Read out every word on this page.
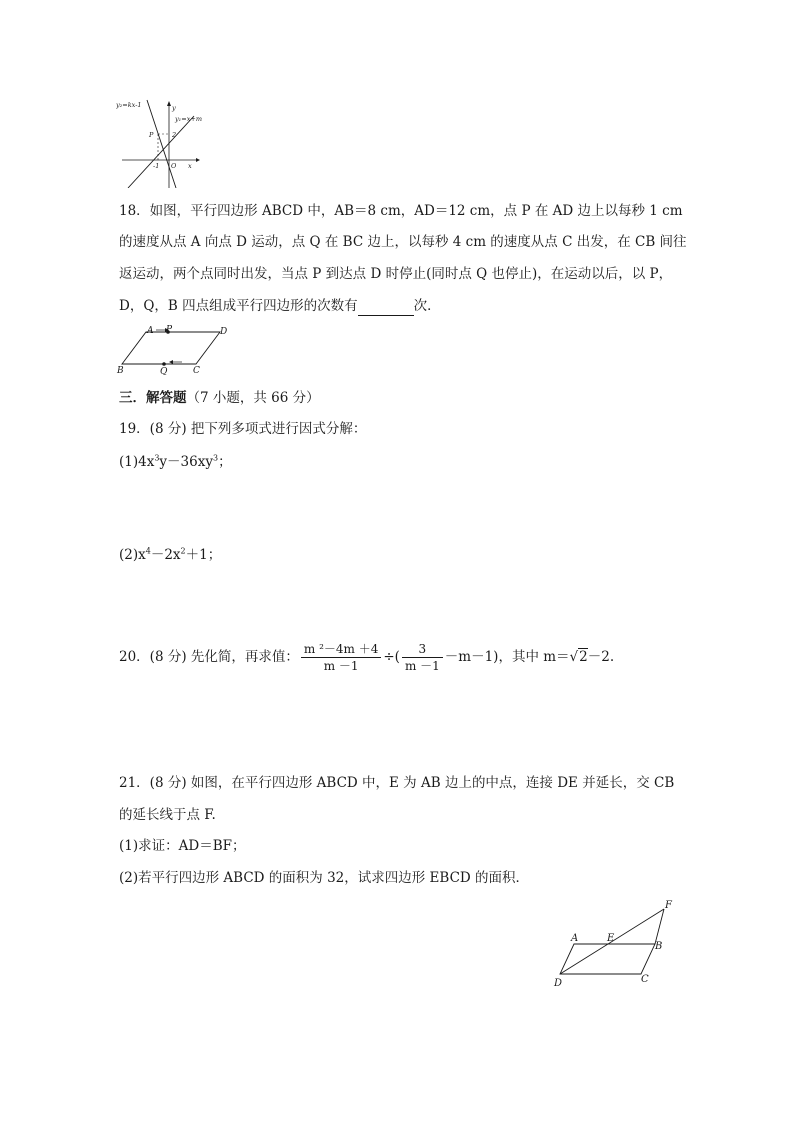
y₂=kx-1
y₁=x+m
y
x
P	2
-1 O
18．如图，平行四边形 ABCD 中，AB＝8 cm，AD＝12 cm，点 P 在 AD 边上以每秒 1 cm
的速度从点 A 向点 D 运动，点 Q 在 BC 边上，以每秒 4 cm 的速度从点 C 出发，在 CB 间往
返运动，两个点同时出发，当点 P 到达点 D 时停止(同时点 Q 也停止)，在运动以后，以 P，
D，Q，B 四点组成平行四边形的次数有	次．
A P	D
B	Q	C
三．解答题（7 小题，共 66 分）
19．(8 分) 把下列多项式进行因式分解：
$(1)4x^3y-36xy^3$；
$(2)x^4-2x^2+1$；
20．(8 分) 先化简，再求值： $\frac{\text{m ²－4m ＋4}}{m -1}$ ÷( $\frac{3}{m -1} -m-1$)，其中 m＝√2－2.
21．(8 分) 如图，在平行四边形 ABCD 中，E 为 AB 边上的中点，连接 DE 并延长，交 CB
的延长线于点 F.
(1)求证：AD＝BF；
(2)若平行四边形 ABCD 的面积为 32，试求四边形 EBCD 的面积．
F
A	E
B
D	C
